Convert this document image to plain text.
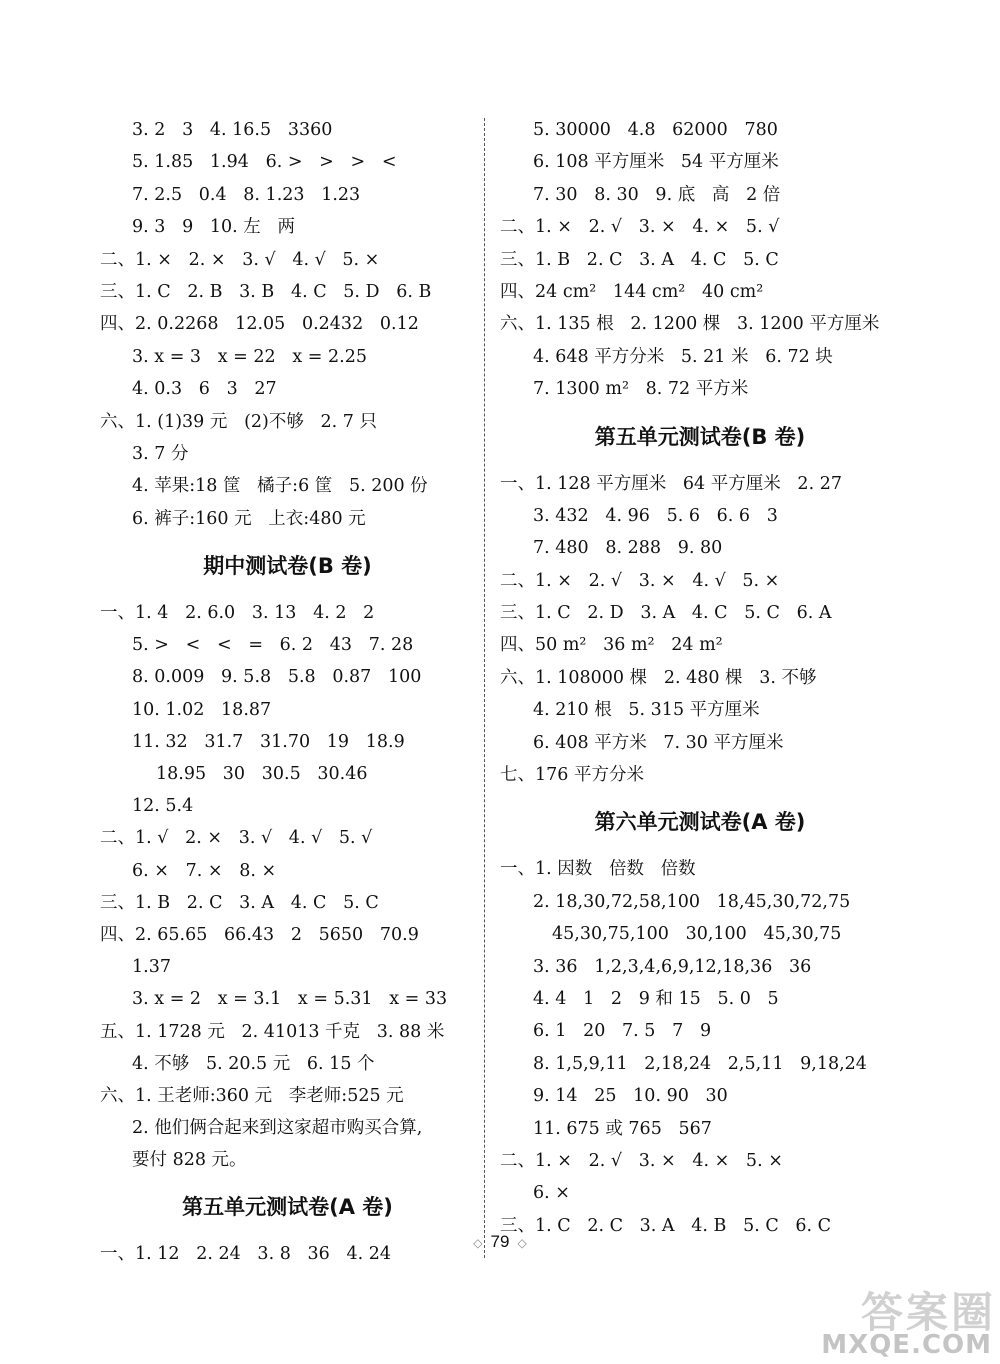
3. 2   3   4. 16.5   3360
5. 1.85   1.94   6. >   >   >   <
7. 2.5   0.4   8. 1.23̇   1.23
9. 3   9   10. 左   两
二、1. ×   2. ×   3. √   4. √   5. ×
三、1. C   2. B   3. B   4. C   5. D   6. B
四、2. 0.2268   12.05   0.2432   0.12
3. x = 3   x = 22   x = 2.25
4. 0.3   6   3   27
六、1. (1)39 元   (2)不够   2. 7 只
3. 7 分
4. 苹果:18 筐   橘子:6 筐   5. 200 份
6. 裤子:160 元   上衣:480 元
期中测试卷(B 卷)
一、1. 4   2. 6.0   3. 13   4. 2   2
5. >   <   <   =   6. 2   43   7. 28
8. 0.009   9. 5.8   5.8   0.87   100
10. 1.02   18.87
11. 32   31.7   31.70   19   18.9
18.95   30   30.5   30.46
12. 5.4
二、1. √   2. ×   3. √   4. √   5. √
6. ×   7. ×   8. ×
三、1. B   2. C   3. A   4. C   5. C
四、2. 65.65   66.43   2   5650   70.9
1.37
3. x = 2   x = 3.1   x = 5.31   x = 33
五、1. 1728 元   2. 41013 千克   3. 88 米
4. 不够   5. 20.5 元   6. 15 个
六、1. 王老师:360 元   李老师:525 元
2. 他们俩合起来到这家超市购买合算,
要付 828 元。
第五单元测试卷(A 卷)
一、1. 12   2. 24   3. 8   36   4. 24
5. 30000   4.8   62000   780
6. 108 平方厘米   54 平方厘米
7. 30   8. 30   9. 底   高   2 倍
二、1. ×   2. √   3. ×   4. ×   5. √
三、1. B   2. C   3. A   4. C   5. C
四、24 cm²   144 cm²   40 cm²
六、1. 135 根   2. 1200 棵   3. 1200 平方厘米
4. 648 平方分米   5. 21 米   6. 72 块
7. 1300 m²   8. 72 平方米
第五单元测试卷(B 卷)
一、1. 128 平方厘米   64 平方厘米   2. 27
3. 432   4. 96   5. 6   6. 6   3
7. 480   8. 288   9. 80
二、1. ×   2. √   3. ×   4. √   5. ×
三、1. C   2. D   3. A   4. C   5. C   6. A
四、50 m²   36 m²   24 m²
六、1. 108000 棵   2. 480 棵   3. 不够
4. 210 根   5. 315 平方厘米
6. 408 平方米   7. 30 平方厘米
七、176 平方分米
第六单元测试卷(A 卷)
一、1. 因数   倍数   倍数
2. 18,30,72,58,100   18,45,30,72,75
45,30,75,100   30,100   45,30,75
3. 36   1,2,3,4,6,9,12,18,36   36
4. 4   1   2   9 和 15   5. 0   5
6. 1   20   7. 5   7   9
8. 1,5,9,11   2,18,24   2,5,11   9,18,24
9. 14   25   10. 90   30
11. 675 或 765   567
二、1. ×   2. √   3. ×   4. ×   5. ×
6. ×
三、1. C   2. C   3. A   4. B   5. C   6. C
◇ 79 ◇
答案圈
MXQE.COM
